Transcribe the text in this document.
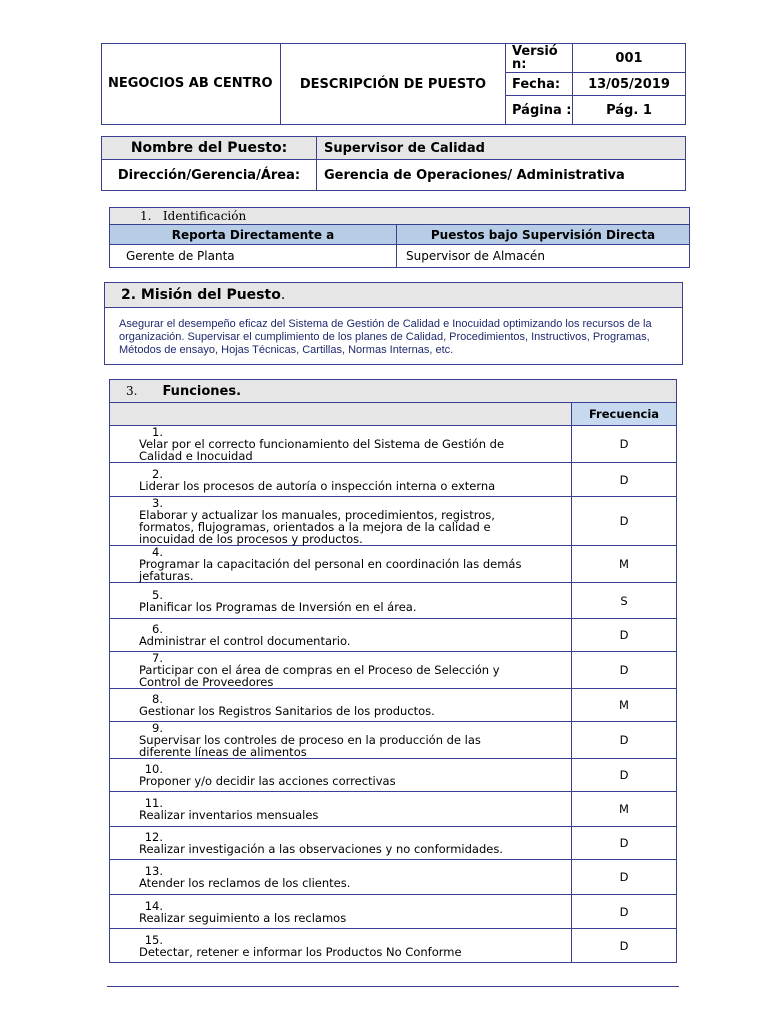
NEGOCIOS AB CENTRO	DESCRIPCIÓN DE PUESTO	Versió n:	001
		Fecha:	13/05/2019
		Página :	Pág. 1
Nombre del Puesto:	Supervisor de Calidad
Dirección/Gerencia/Área:	Gerencia de Operaciones/ Administrativa
1. Identificación	
Reporta Directamente a	Puestos bajo Supervisión Directa
Gerente de Planta	Supervisor de Almacén
2. Misión del Puesto.
Asegurar el desempeño eficaz del Sistema de Gestión de Calidad e Inocuidad optimizando los recursos de la organización. Supervisar el cumplimiento de los planes de Calidad, Procedimientos, Instructivos, Programas, Métodos de ensayo, Hojas Técnicas, Cartillas, Normas Internas, etc.
3. Funciones.	
	Frecuencia
1.Velar por el correcto funcionamiento del Sistema de Gestión de Calidad e Inocuidad	D
2.Liderar los procesos de autoría o inspección interna o externa	D
3.Elaborar y actualizar los manuales, procedimientos, registros, formatos, flujogramas, orientados a la mejora de la calidad e inocuidad de los procesos y productos.	D
4.Programar la capacitación del personal en coordinación las demás jefaturas.	M
5.Planificar los Programas de Inversión en el área.	S
6.Administrar el control documentario.	D
7.Participar con el área de compras en el Proceso de Selección y Control de Proveedores	D
8.Gestionar los Registros Sanitarios de los productos.	M
9.Supervisar los controles de proceso en la producción de las diferente líneas de alimentos	D
10.Proponer y/o decidir las acciones correctivas	D
11.Realizar inventarios mensuales	M
12.Realizar investigación a las observaciones y no conformidades.	D
13.Atender los reclamos de los clientes.	D
14.Realizar seguimiento a los reclamos	D
15.Detectar, retener e informar los Productos No Conforme	D
